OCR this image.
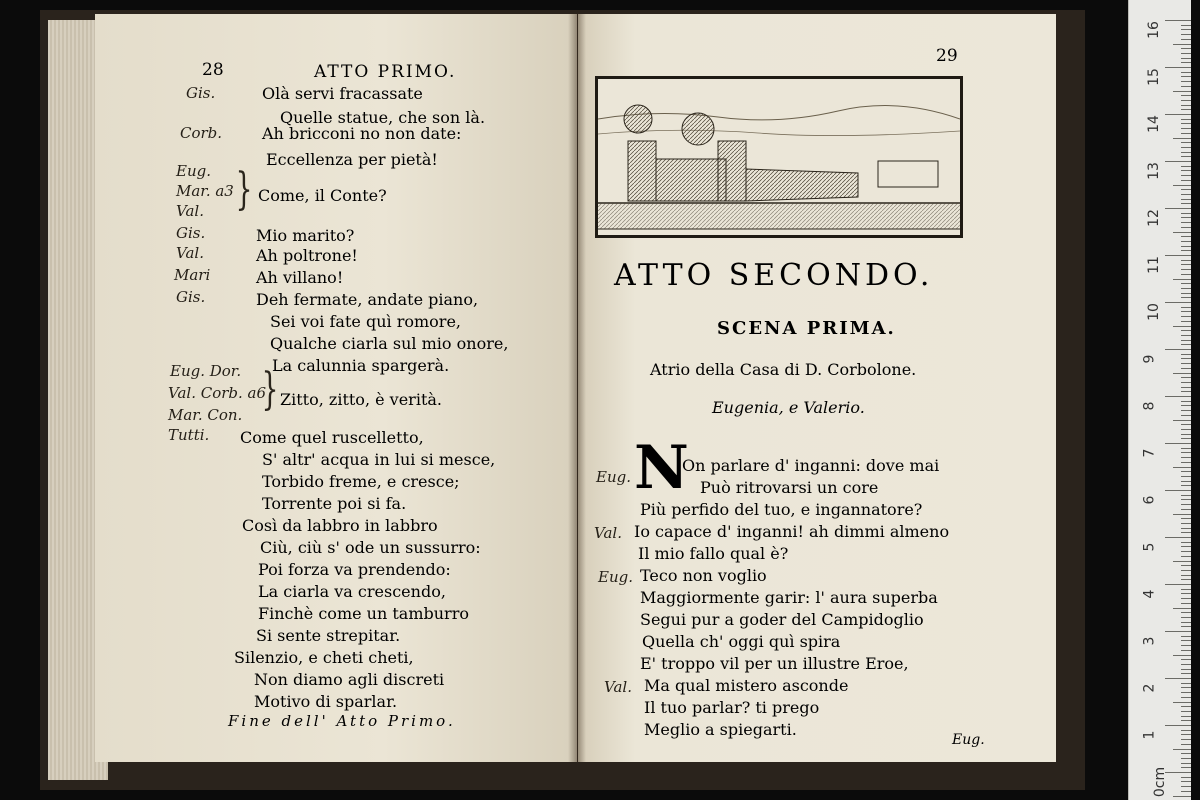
28	ATTO PRIMO.
Gis.	Olà servi fracassate
Quelle statue, che son là.
Corb. Ah bricconi no non date:
Eccellenza per pietà!
Eug.
Mar. a3
Val. } Come, il Conte?
Gis.	Mio marito?
Val.	Ah poltrone!
Mari	Ah villano!
Gis.	Deh fermate, andate piano,
Sei voi fate quì romore,
Qualche ciarla sul mio onore,
La calunnia spargerà.
Eug. Dor.
Val. Corb. a6
Mar. Con. } Zitto, zitto, è verità.
Tutti. Come quel ruscelletto,
S' altr' acqua in lui si mesce,
Torbido freme, e cresce;
Torrente poi si fa.
Così da labbro in labbro
Ciù, ciù s' ode un sussurro:
Poi forza va prendendo:
La ciarla va crescendo,
Finchè come un tamburro
Si sente strepitar.
Silenzio, e cheti cheti,
Non diamo agli discreti
Motivo di sparlar.
Fine dell' Atto Primo.
29
ATTO SECONDO.
SCENA PRIMA.
Atrio della Casa di D. Corbolone.
Eugenia, e Valerio.
Eug. N
On parlare d' inganni: dove mai
Può ritrovarsi un core
Più perfido del tuo, e ingannatore?
Val. Io capace d' inganni! ah dimmi almeno
Il mio fallo qual è?
Eug. Teco non voglio
Maggiormente garir: l' aura superba
Segui pur a goder del Campidoglio
Quella ch' oggi quì spira
E' troppo vil per un illustre Eroe,
Val. Ma qual mistero asconde
Il tuo parlar? ti prego
Meglio a spiegarti.
Eug.
16
15
14
13
12
11
10
9
8
7
6
5
4
3
2
1
0cm
